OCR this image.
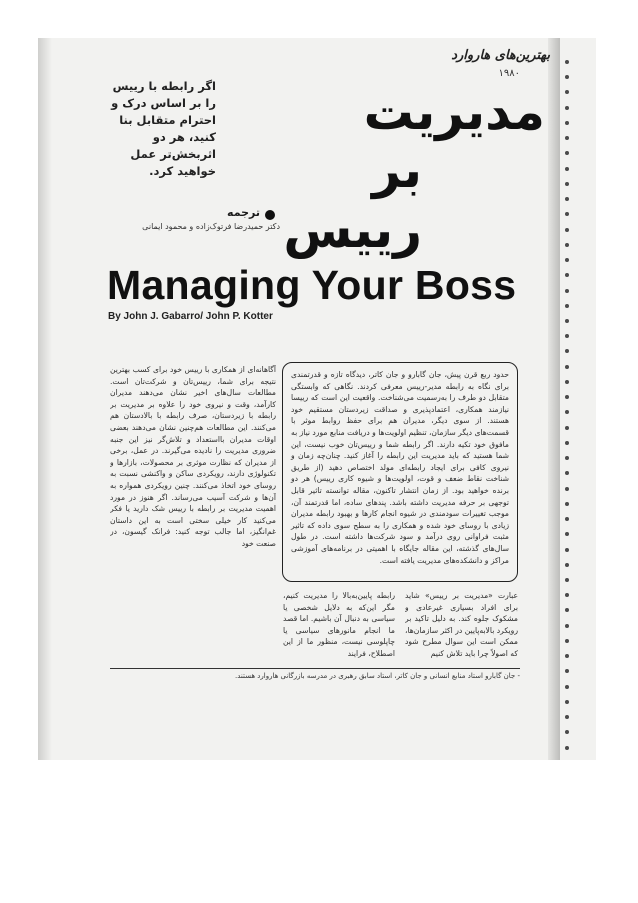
بهترین‌های هاروارد
۱۹۸۰
اگر رابطه با رییس
را بر اساس درک و
احترام متقابل بنا
کنید، هر دو
اثربخش‌تر عمل
خواهید کرد.
مدیریت
بر رییس
ترجمه
دکتر حمیدرضا فرتوک‌زاده و محمود ایمانی
Managing Your Boss
By John J. Gabarro/ John P. Kotter
حدود ربع قرن پیش، جان گابارو و جان کاتر، دیدگاه تازه و قدرتمندی برای نگاه به رابطه مدیر-رییس معرفی کردند. نگاهی که وابستگی متقابل دو طرف را به‌رسمیت می‌شناخت. واقعیت این است که رییسا نیازمند همکاری، اعتمادپذیری و صداقت زیردستان مستقیم خود هستند. از سوی دیگر، مدیران هم برای حفظ روابط موثر با قسمت‌های دیگر سازمان، تنظیم اولویت‌ها و دریافت منابع مورد نیاز به مافوق خود تکیه دارند. اگر رابطه شما و رییس‌تان خوب نیست، این شما هستید که باید مدیریت این رابطه را آغاز کنید. چنان‌چه زمان و نیروی کافی برای ایجاد رابطه‌ای مولد اختصاص دهید (از طریق شناخت نقاط ضعف و قوت، اولویت‌ها و شیوه کاری رییس) هر دو برنده خواهید بود. از زمان انتشار تاکنون، مقاله توانسته تاثیر قابل توجهی بر حرفه مدیریت داشته باشد. پندهای ساده، اما قدرتمند آن، موجب تغییرات سودمندی در شیوه انجام کارها و بهبود رابطه مدیران زیادی با روسای خود شده و همکاری را به سطح سوی داده که تاثیر مثبت فراوانی روی درآمد و سود شرکت‌ها داشته است. در طول سال‌های گذشته، این مقاله جایگاه با اهمیتی در برنامه‌های آموزشی مراکز و دانشکده‌های مدیریت یافته است.
آگاهانه‌ای از همکاری با رییس خود برای کسب بهترین نتیجه برای شما، رییس‌تان و شرکت‌تان است. مطالعات سال‌های اخیر نشان می‌دهند مدیران کارآمد، وقت و نیروی خود را علاوه بر مدیریت بر رابطه با زیردستان، صرف رابطه با بالادستان هم می‌کنند. این مطالعات هم‌چنین نشان می‌دهند بعضی اوقات مدیران بااستعداد و تلاش‌گر نیز این جنبه ضروری مدیریت را نادیده می‌گیرند. در عمل، برخی از مدیران که نظارت موثری بر محصولات، بازارها و تکنولوژی دارند، رویکردی ساکن و واکنشی نسبت به روسای خود اتخاذ می‌کنند. چنین رویکردی همواره به آن‌ها و شرکت آسیب می‌رساند. اگر هنوز در مورد اهمیت مدیریت بر رابطه با رییس شک دارید یا فکر می‌کنید کار خیلی سختی است به این داستان غم‌انگیز، اما جالب توجه کنید: فرانک گیسون، در صنعت خود
رابطه پایین‌به‌بالا را مدیریت کنیم، مگر این‌که به دلایل شخصی یا سیاسی به دنبال آن باشیم. اما قصد ما انجام مانورهای سیاسی یا چاپلوسی نیست، منظور ما از این اصطلاح، فرایند
عبارت «مدیریت بر رییس» شاید برای افراد بسیاری غیرعادی و مشکوک جلوه کند. به دلیل تاکید بر رویکرد بالابه‌پایین در اکثر سازمان‌ها، ممکن است این سوال مطرح شود که اصولاً چرا باید تلاش کنیم
- جان گابارو استاد منابع انسانی و جان کاتر، استاد سابق رهبری در مدرسه بازرگانی هاروارد هستند.
